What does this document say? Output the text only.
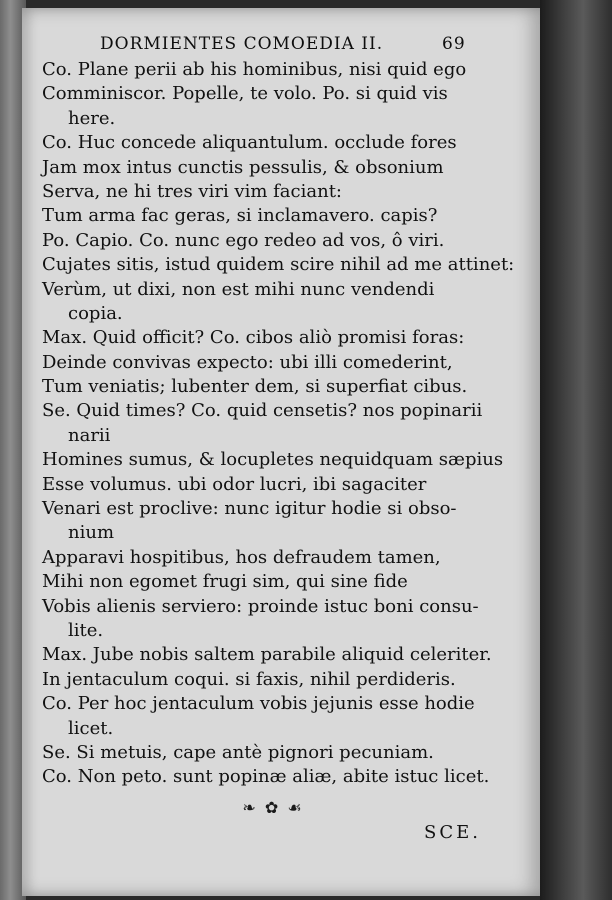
DORMIENTES COMOEDIA II.	69
Co. Plane perii ab his hominibus, nisi quid ego
Comminiscor. Popelle, te volo. Po. si quid vis
here.
Co. Huc concede aliquantulum. occlude fores
Jam mox intus cunctis pessulis, & obsonium
Serva, ne hi tres viri vim faciant:
Tum arma fac geras, si inclamavero. capis?
Po. Capio. Co. nunc ego redeo ad vos, ô viri.
Cujates sitis, istud quidem scire nihil ad me attinet:
Verùm, ut dixi, non est mihi nunc vendendi
copia.
Max. Quid officit? Co. cibos aliò promisi foras:
Deinde convivas expecto: ubi illi comederint,
Tum veniatis; lubenter dem, si superfiat cibus.
Se. Quid times? Co. quid censetis? nos popinarii
narii
Homines sumus, & locupletes nequidquam sæpius
Esse volumus. ubi odor lucri, ibi sagaciter
Venari est proclive: nunc igitur hodie si obso-
nium
Apparavi hospitibus, hos defraudem tamen,
Mihi non egomet frugi sim, qui sine fide
Vobis alienis serviero: proinde istuc boni consu-
lite.
Max. Jube nobis saltem parabile aliquid celeriter.
In jentaculum coqui. si faxis, nihil perdideris.
Co. Per hoc jentaculum vobis jejunis esse hodie
licet.
Se. Si metuis, cape antè pignori pecuniam.
Co. Non peto. sunt popinæ aliæ, abite istuc licet.
❧ ✿ ☙
SCE.
